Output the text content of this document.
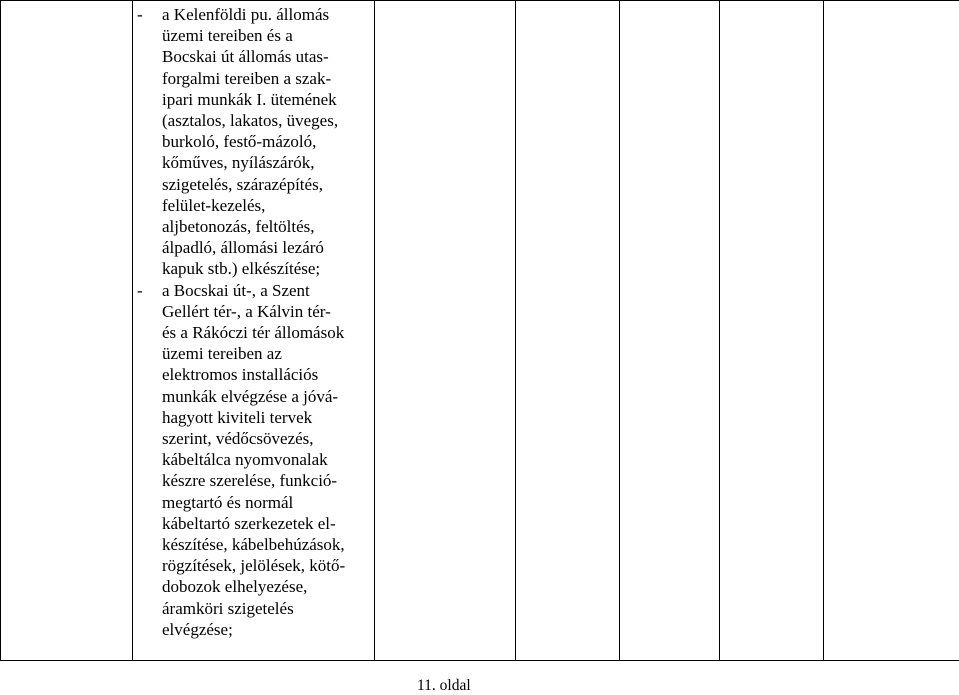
- a Kelenföldi pu. állomás
üzemi tereiben és a
Bocskai út állomás utas-
forgalmi tereiben a szak-
ipari munkák I. ütemének
(asztalos, lakatos, üveges,
burkoló, festő-mázoló,
kőműves, nyílászárók,
szigetelés, szárazépítés,
felület-kezelés,
aljbetonozás, feltöltés,
álpadló, állomási lezáró
kapuk stb.) elkészítése;
- a Bocskai út-, a Szent
Gellért tér-, a Kálvin tér-
és a Rákóczi tér állomások
üzemi tereiben az
elektromos installációs
munkák elvégzése a jóvá-
hagyott kiviteli tervek
szerint, védőcsövezés,
kábeltálca nyomvonalak
készre szerelése, funkció-
megtartó és normál
kábeltartó szerkezetek el-
készítése, kábelbehúzások,
rögzítések, jelölések, kötő-
dobozok elhelyezése,
áramköri szigetelés
elvégzése;

11. oldal
